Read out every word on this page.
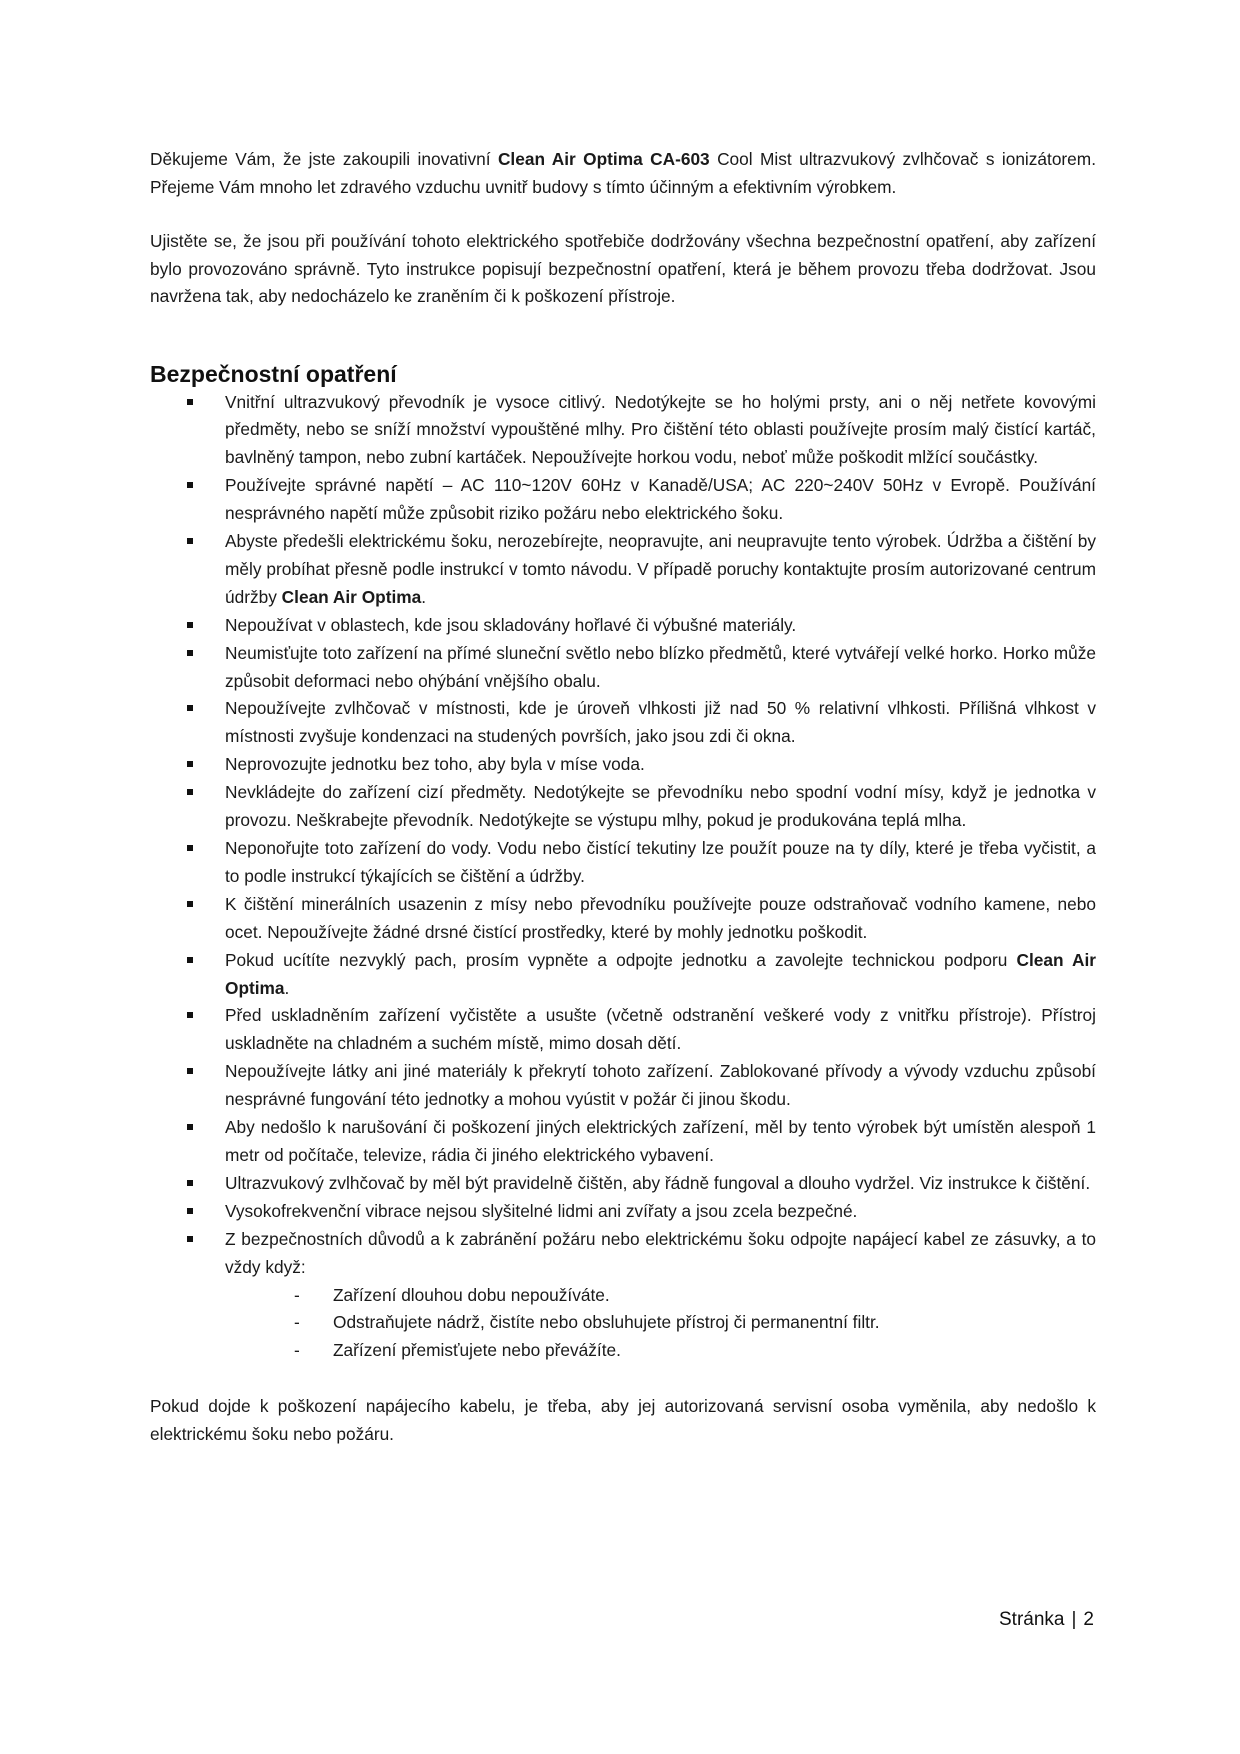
Děkujeme Vám, že jste zakoupili inovativní Clean Air Optima CA-603 Cool Mist ultrazvukový zvlhčovač s ionizátorem. Přejeme Vám mnoho let zdravého vzduchu uvnitř budovy s tímto účinným a efektivním výrobkem.

Ujistěte se, že jsou při používání tohoto elektrického spotřebiče dodržovány všechna bezpečnostní opatření, aby zařízení bylo provozováno správně. Tyto instrukce popisují bezpečnostní opatření, která je během provozu třeba dodržovat. Jsou navržena tak, aby nedocházelo ke zraněním či k poškození přístroje.

Bezpečnostní opatření
Vnitřní ultrazvukový převodník je vysoce citlivý. Nedotýkejte se ho holými prsty, ani o něj netřete kovovými předměty, nebo se sníží množství vypouštěné mlhy. Pro čištění této oblasti používejte prosím malý čistící kartáč, bavlněný tampon, nebo zubní kartáček. Nepoužívejte horkou vodu, neboť může poškodit mlžící součástky.
Používejte správné napětí – AC 110~120V 60Hz v Kanadě/USA; AC 220~240V 50Hz v Evropě. Používání nesprávného napětí může způsobit riziko požáru nebo elektrického šoku.
Abyste předešli elektrickému šoku, nerozebírejte, neopravujte, ani neupravujte tento výrobek. Údržba a čištění by měly probíhat přesně podle instrukcí v tomto návodu. V případě poruchy kontaktujte prosím autorizované centrum údržby Clean Air Optima.
Nepoužívat v oblastech, kde jsou skladovány hořlavé či výbušné materiály.
Neumisťujte toto zařízení na přímé sluneční světlo nebo blízko předmětů, které vytvářejí velké horko. Horko může způsobit deformaci nebo ohýbání vnějšího obalu.
Nepoužívejte zvlhčovač v místnosti, kde je úroveň vlhkosti již nad 50 % relativní vlhkosti. Přílišná vlhkost v místnosti zvyšuje kondenzaci na studených površích, jako jsou zdi či okna.
Neprovozujte jednotku bez toho, aby byla v míse voda.
Nevkládejte do zařízení cizí předměty. Nedotýkejte se převodníku nebo spodní vodní mísy, když je jednotka v provozu. Neškrabejte převodník. Nedotýkejte se výstupu mlhy, pokud je produkována teplá mlha.
Neponořujte toto zařízení do vody. Vodu nebo čistící tekutiny lze použít pouze na ty díly, které je třeba vyčistit, a to podle instrukcí týkajících se čištění a údržby.
K čištění minerálních usazenin z mísy nebo převodníku používejte pouze odstraňovač vodního kamene, nebo ocet. Nepoužívejte žádné drsné čistící prostředky, které by mohly jednotku poškodit.
Pokud ucítíte nezvyklý pach, prosím vypněte a odpojte jednotku a zavolejte technickou podporu Clean Air Optima.
Před uskladněním zařízení vyčistěte a usušte (včetně odstranění veškeré vody z vnitřku přístroje). Přístroj uskladněte na chladném a suchém místě, mimo dosah dětí.
Nepoužívejte látky ani jiné materiály k překrytí tohoto zařízení. Zablokované přívody a vývody vzduchu způsobí nesprávné fungování této jednotky a mohou vyústit v požár či jinou škodu.
Aby nedošlo k narušování či poškození jiných elektrických zařízení, měl by tento výrobek být umístěn alespoň 1 metr od počítače, televize, rádia či jiného elektrického vybavení.
Ultrazvukový zvlhčovač by měl být pravidelně čištěn, aby řádně fungoval a dlouho vydržel. Viz instrukce k čištění.
Vysokofrekvenční vibrace nejsou slyšitelné lidmi ani zvířaty a jsou zcela bezpečné.
Z bezpečnostních důvodů a k zabránění požáru nebo elektrickému šoku odpojte napájecí kabel ze zásuvky, a to vždy když:
- Zařízení dlouhou dobu nepoužíváte.
- Odstraňujete nádrž, čistíte nebo obsluhujete přístroj či permanentní filtr.
- Zařízení přemisťujete nebo převážíte.

Pokud dojde k poškození napájecího kabelu, je třeba, aby jej autorizovaná servisní osoba vyměnila, aby nedošlo k elektrickému šoku nebo požáru.

Stránka | 2
